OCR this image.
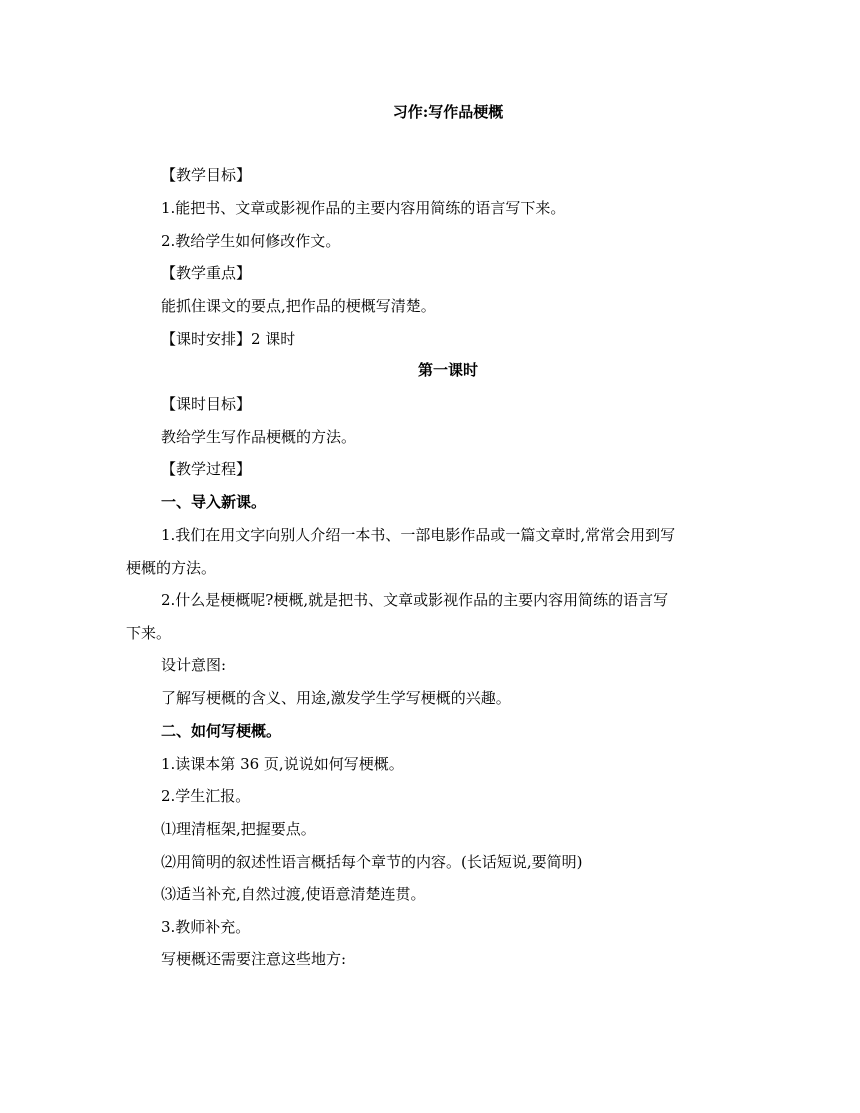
习作:写作品梗概
【教学目标】
1.能把书、文章或影视作品的主要内容用简练的语言写下来。
2.教给学生如何修改作文。
【教学重点】
能抓住课文的要点,把作品的梗概写清楚。
【课时安排】2 课时
第一课时
【课时目标】
教给学生写作品梗概的方法。
【教学过程】
一、导入新课。
1.我们在用文字向别人介绍一本书、一部电影作品或一篇文章时,常常会用到写
梗概的方法。
2.什么是梗概呢?梗概,就是把书、文章或影视作品的主要内容用简练的语言写
下来。
设计意图:
了解写梗概的含义、用途,激发学生学写梗概的兴趣。
二、如何写梗概。
1.读课本第 36 页,说说如何写梗概。
2.学生汇报。
⑴理清框架,把握要点。
⑵用简明的叙述性语言概括每个章节的内容。(长话短说,要简明)
⑶适当补充,自然过渡,使语意清楚连贯。
3.教师补充。
写梗概还需要注意这些地方:
